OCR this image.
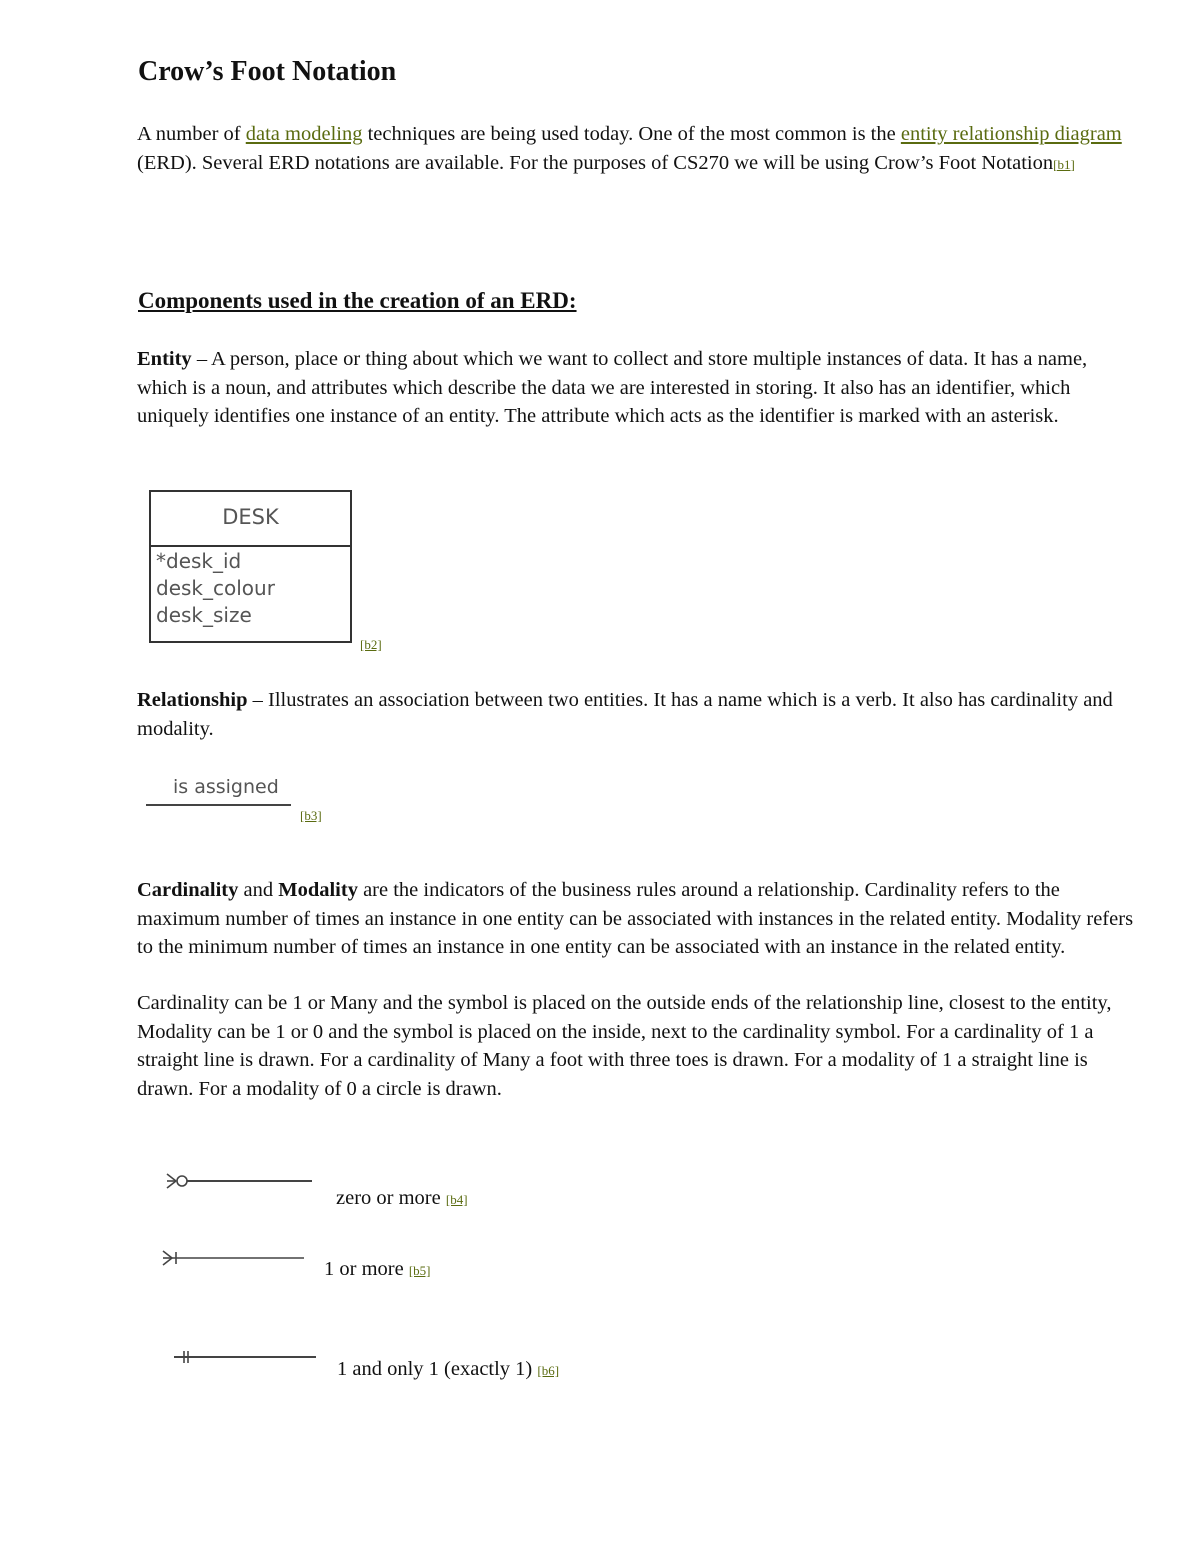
Crow’s Foot Notation

A number of data modeling techniques are being used today. One of the most common is the entity relationship diagram (ERD). Several ERD notations are available. For the purposes of CS270 we will be using Crow’s Foot Notation[b1]

Components used in the creation of an ERD:

Entity – A person, place or thing about which we want to collect and store multiple instances of data. It has a name, which is a noun, and attributes which describe the data we are interested in storing. It also has an identifier, which uniquely identifies one instance of an entity. The attribute which acts as the identifier is marked with an asterisk.

DESK
*desk_id
desk_colour
desk_size
[b2]

Relationship – Illustrates an association between two entities. It has a name which is a verb. It also has cardinality and modality.

is assigned
[b3]

Cardinality and Modality are the indicators of the business rules around a relationship. Cardinality refers to the maximum number of times an instance in one entity can be associated with instances in the related entity. Modality refers to the minimum number of times an instance in one entity can be associated with an instance in the related entity.

Cardinality can be 1 or Many and the symbol is placed on the outside ends of the relationship line, closest to the entity, Modality can be 1 or 0 and the symbol is placed on the inside, next to the cardinality symbol. For a cardinality of 1 a straight line is drawn. For a cardinality of Many a foot with three toes is drawn. For a modality of 1 a straight line is drawn. For a modality of 0 a circle is drawn.

zero or more [b4]
1 or more [b5]
1 and only 1 (exactly 1) [b6]
